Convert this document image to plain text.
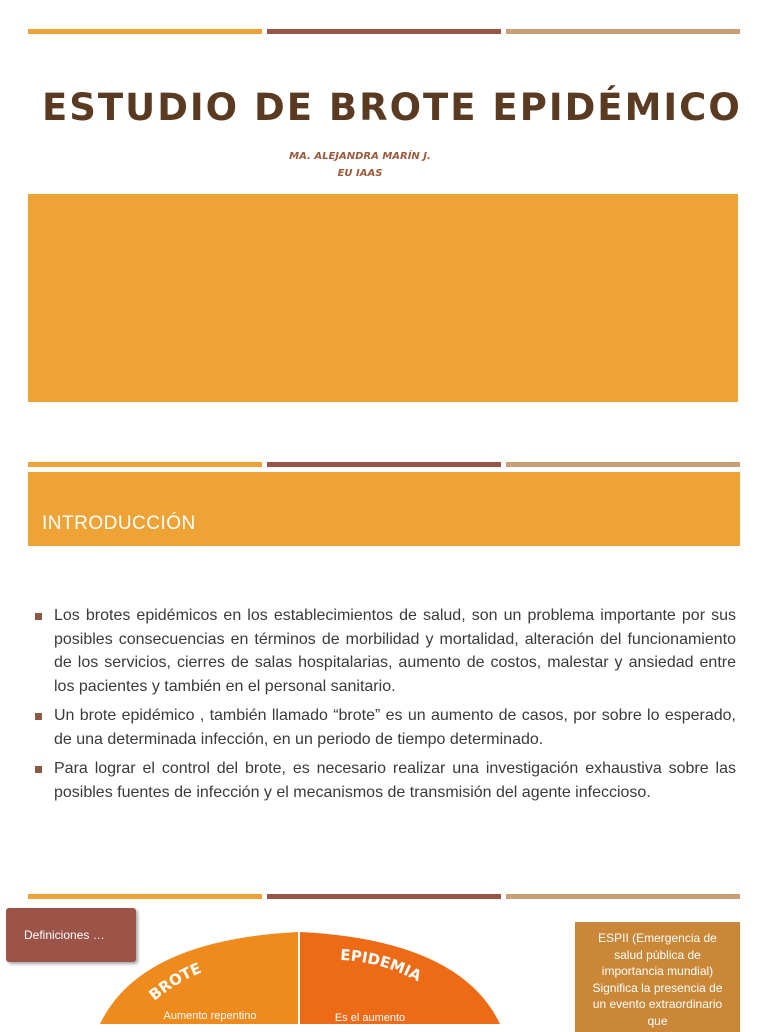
ESTUDIO DE BROTE EPIDÉMICO
MA. ALEJANDRA MARÍN J.
EU IAAS
INTRODUCCIÓN
Los brotes epidémicos en los establecimientos de salud, son un problema importante por sus posibles consecuencias en términos de morbilidad y mortalidad, alteración del funcionamiento de los servicios, cierres de salas hospitalarias, aumento de costos, malestar y ansiedad entre los pacientes y también en el personal sanitario.
Un brote epidémico , también llamado “brote” es un aumento de casos, por sobre lo esperado, de una determinada infección, en un periodo de tiempo determinado.
Para lograr el control del brote, es necesario realizar una investigación exhaustiva sobre las posibles fuentes de infección y el mecanismos de transmisión del agente infeccioso.
Definiciones …
BROTE
EPIDEMIA
Aumento repentino	Es el aumento
ESPII (Emergencia de salud pública de importancia mundial) Significa la presencia de un evento extraordinario que
